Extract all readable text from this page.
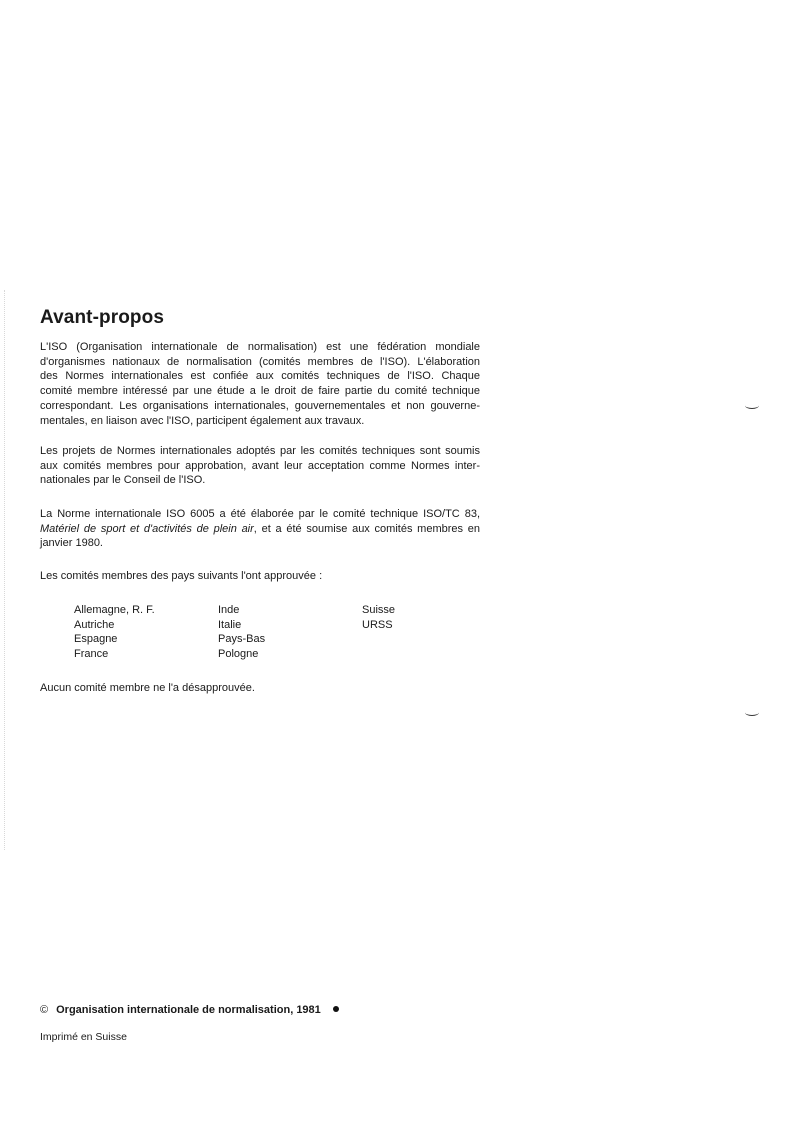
Avant-propos

L'ISO (Organisation internationale de normalisation) est une fédération mondiale
d'organismes nationaux de normalisation (comités membres de l'ISO). L'élaboration
des Normes internationales est confiée aux comités techniques de l'ISO. Chaque
comité membre intéressé par une étude a le droit de faire partie du comité technique
correspondant. Les organisations internationales, gouvernementales et non gouverne-
mentales, en liaison avec l'ISO, participent également aux travaux.

Les projets de Normes internationales adoptés par les comités techniques sont soumis
aux comités membres pour approbation, avant leur acceptation comme Normes inter-
nationales par le Conseil de l'ISO.

La Norme internationale ISO 6005 a été élaborée par le comité technique ISO/TC 83,
Matériel de sport et d'activités de plein air, et a été soumise aux comités membres en
janvier 1980.

Les comités membres des pays suivants l'ont approuvée :

Allemagne, R. F.
Autriche
Espagne
France
Inde
Italie
Pays-Bas
Pologne
Suisse
URSS

Aucun comité membre ne l'a désapprouvée.

© Organisation internationale de normalisation, 1981
Imprimé en Suisse
